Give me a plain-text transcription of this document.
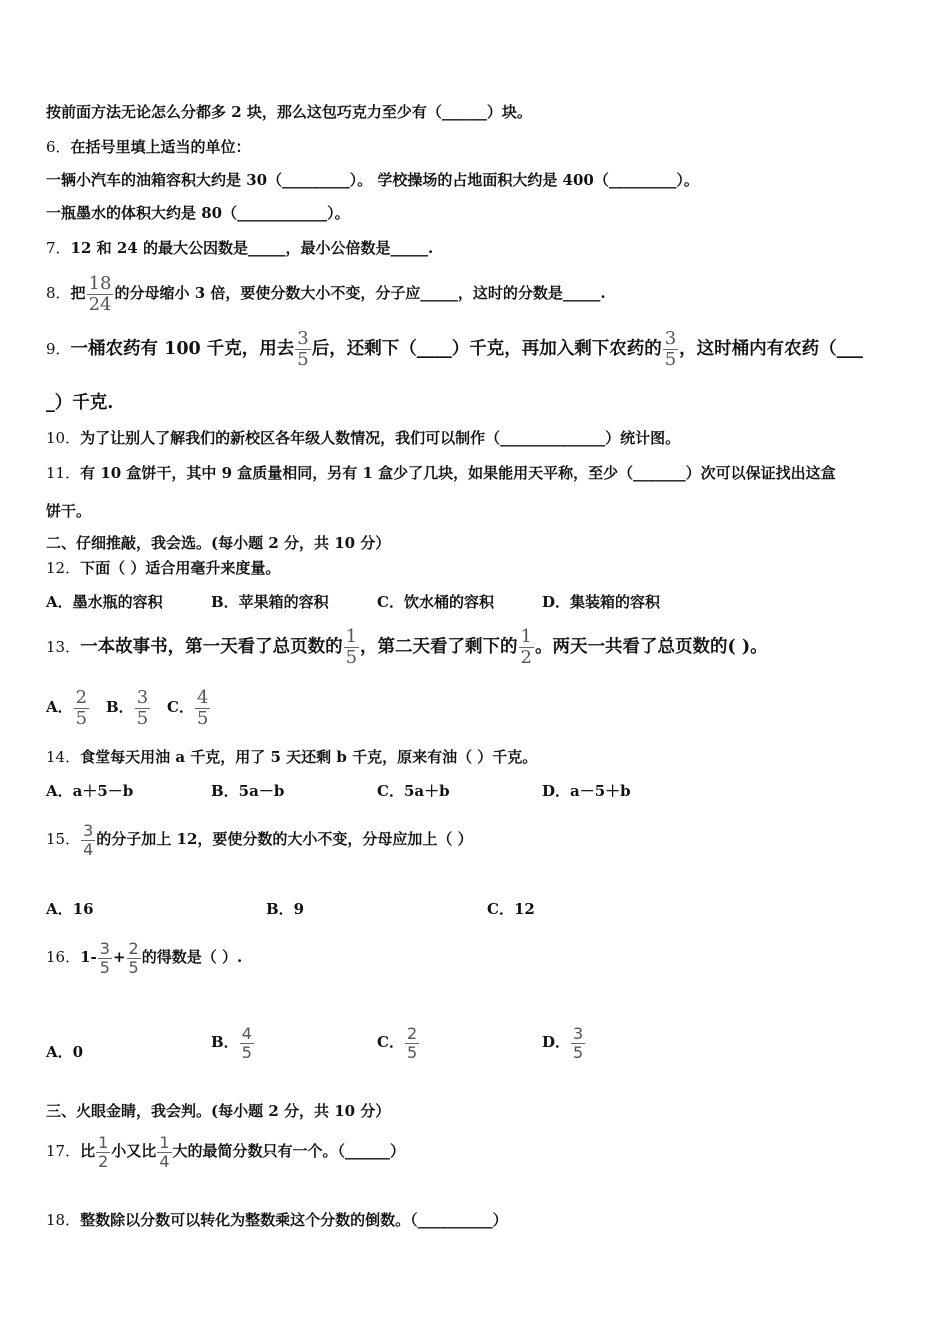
按前面方法无论怎么分都多 2 块，那么这包巧克力至少有（______）块。
6．在括号里填上适当的单位：
一辆小汽车的油箱容积大约是 30（_________）。 学校操场的占地面积大约是 400（_________）。
一瓶墨水的体积大约是 80（____________）。
7．12 和 24 的最大公因数是_____，最小公倍数是_____.
8．把 $\frac{18}{24}$ 的分母缩小 3 倍，要使分数大小不变，分子应_____，这时的分数是_____.
9．一桶农药有 100 千克，用去 $\frac{3}{5}$ 后，还剩下（____）千克，再加入剩下农药的 $\frac{3}{5}$ ，这时桶内有农药（___
_）千克.
10．为了让别人了解我们的新校区各年级人数情况，我们可以制作（______________）统计图。
11．有 10 盒饼干，其中 9 盒质量相同，另有 1 盒少了几块，如果能用天平称，至少（_______）次可以保证找出这盒
饼干。
二、仔细推敲，我会选。(每小题 2 分，共 10 分）
12．下面（ ）适合用毫升来度量。
A．墨水瓶的容积	B．苹果箱的容积	C．饮水桶的容积	D．集装箱的容积
13．一本故事书，第一天看了总页数的 $\frac{1}{5}$ ，第二天看了剩下的 $\frac{1}{2}$ 。两天一共看了总页数的( )。
A． $\frac{2}{5}$ B． $\frac{3}{5}$ C． $\frac{4}{5}$
14．食堂每天用油 a 千克，用了 5 天还剩 b 千克，原来有油（ ）千克。
A．a＋5－b	B．5a－b	C．5a＋b	D．a－5＋b
15． $\frac{3}{4}$ 的分子加上 12，要使分数的大小不变，分母应加上（ ）
A．16	B．9	C．12
16．$1- \frac{3}{5} + \frac{2}{5}$ 的得数是（ ）.
A．0
B． $\frac{4}{5}$	C． $\frac{2}{5}$	D． $\frac{3}{5}$
三、火眼金睛，我会判。(每小题 2 分，共 10 分）
17．比 $\frac{1}{2}$ 小又比 $\frac{1}{4}$ 大的最简分数只有一个。（______）
18．整数除以分数可以转化为整数乘这个分数的倒数。（__________）
